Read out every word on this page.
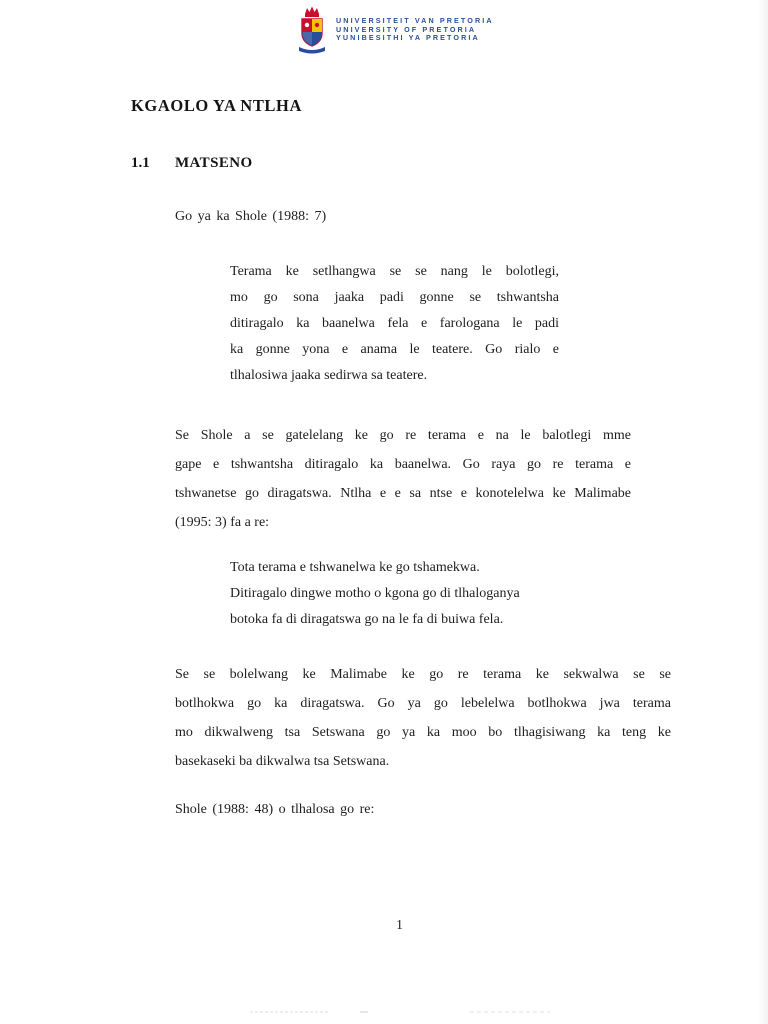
UNIVERSITEIT VAN PRETORIA
UNIVERSITY OF PRETORIA
YUNIBESITHI YA PRETORIA
KGAOLO YA NTLHA
1.1 MATSENO
Go ya ka Shole (1988: 7)
Terama ke setlhangwa se se nang le bolotlegi,
mo go sona jaaka padi gonne se tshwantsha
ditiragalo ka baanelwa fela e farologana le padi
ka gonne yona e anama le teatere. Go rialo e
tlhalosiwa jaaka sedirwa sa teatere.
Se Shole a se gatelelang ke go re terama e na le balotlegi mme
gape e tshwantsha ditiragalo ka baanelwa. Go raya go re terama e
tshwanetse go diragatswa. Ntlha e e sa ntse e konotelelwa ke Malimabe
(1995: 3) fa a re:
Tota terama e tshwanelwa ke go tshamekwa.
Ditiragalo dingwe motho o kgona go di tlhaloganya
botoka fa di diragatswa go na le fa di buiwa fela.
Se se bolelwang ke Malimabe ke go re terama ke sekwalwa se se
botlhokwa go ka diragatswa. Go ya go lebelelwa botlhokwa jwa terama
mo dikwalweng tsa Setswana go ya ka moo bo tlhagisiwang ka teng ke
basekaseki ba dikwalwa tsa Setswana.
Shole (1988: 48) o tlhalosa go re:
1
